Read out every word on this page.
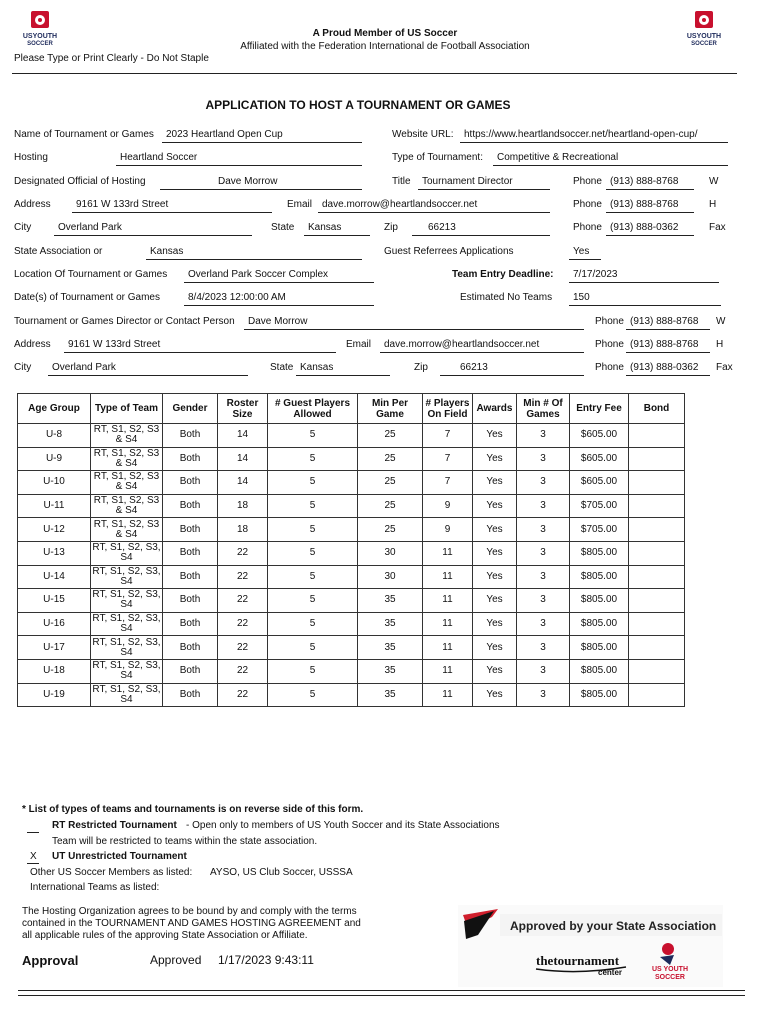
USYOUTH
SOCCER
USYOUTH
SOCCER
A Proud Member of US Soccer
Affiliated with the Federation International de Football Association
Please Type or Print Clearly - Do Not Staple
APPLICATION TO HOST A TOURNAMENT OR GAMES
Name of Tournament or Games 2023 Heartland Open Cup	Website URL: https://www.heartlandsoccer.net/heartland-open-cup/
Hosting	Heartland Soccer	Type of Tournament: Competitive & Recreational
Designated Official of Hosting	Dave Morrow	Title Tournament Director	Phone (913) 888-8768	W
Address	9161 W 133rd Street	Email dave.morrow@heartlandsoccer.net	Phone (913) 888-8768	H
City	Overland Park	State Kansas	Zip	66213	Phone (913) 888-0362	Fax
State Association or	Kansas	Guest Referrees Applications	Yes
Location Of Tournament or Games Overland Park Soccer Complex	Team Entry Deadline: 7/17/2023
Date(s) of Tournament or Games	8/4/2023 12:00:00 AM	Estimated No Teams 150
Tournament or Games Director or Contact Person Dave Morrow	Phone (913) 888-8768 W
Address 9161 W 133rd Street	Email dave.morrow@heartlandsoccer.net	Phone (913) 888-8768 H
City Overland Park	State Kansas	Zip	66213	Phone (913) 888-0362 Fax
Age Group	Type of Team	Gender	Roster Size	# Guest Players Allowed	Min Per Game	# Players On Field	Awards	Min # Of Games	Entry Fee	Bond
U-8	RT, S1, S2, S3 & S4	Both	14	5	25	7	Yes	3	$605.00	
U-9	RT, S1, S2, S3 & S4	Both	14	5	25	7	Yes	3	$605.00	
U-10	RT, S1, S2, S3 & S4	Both	14	5	25	7	Yes	3	$605.00	
U-11	RT, S1, S2, S3 & S4	Both	18	5	25	9	Yes	3	$705.00	
U-12	RT, S1, S2, S3 & S4	Both	18	5	25	9	Yes	3	$705.00	
U-13	RT, S1, S2, S3, S4	Both	22	5	30	11	Yes	3	$805.00	
U-14	RT, S1, S2, S3, S4	Both	22	5	30	11	Yes	3	$805.00	
U-15	RT, S1, S2, S3, S4	Both	22	5	35	11	Yes	3	$805.00	
U-16	RT, S1, S2, S3, S4	Both	22	5	35	11	Yes	3	$805.00	
U-17	RT, S1, S2, S3, S4	Both	22	5	35	11	Yes	3	$805.00	
U-18	RT, S1, S2, S3, S4	Both	22	5	35	11	Yes	3	$805.00	
U-19	RT, S1, S2, S3, S4	Both	22	5	35	11	Yes	3	$805.00	
* List of types of teams and tournaments is on reverse side of this form.
RT Restricted Tournament - Open only to members of US Youth Soccer and its State Associations
Team will be restricted to teams within the state association.
X UT Unrestricted Tournament
Other US Soccer Members as listed: AYSO, US Club Soccer, USSSA
International Teams as listed:
The Hosting Organization agrees to be bound by and comply with the terms
contained in the TOURNAMENT AND GAMES HOSTING AGREEMENT and
all applicable rules of the approving State Association or Affiliate.
Approval	Approved 1/17/2023 9:43:11
Approved by your State Association
thetournament
center	US YOUTH
SOCCER
